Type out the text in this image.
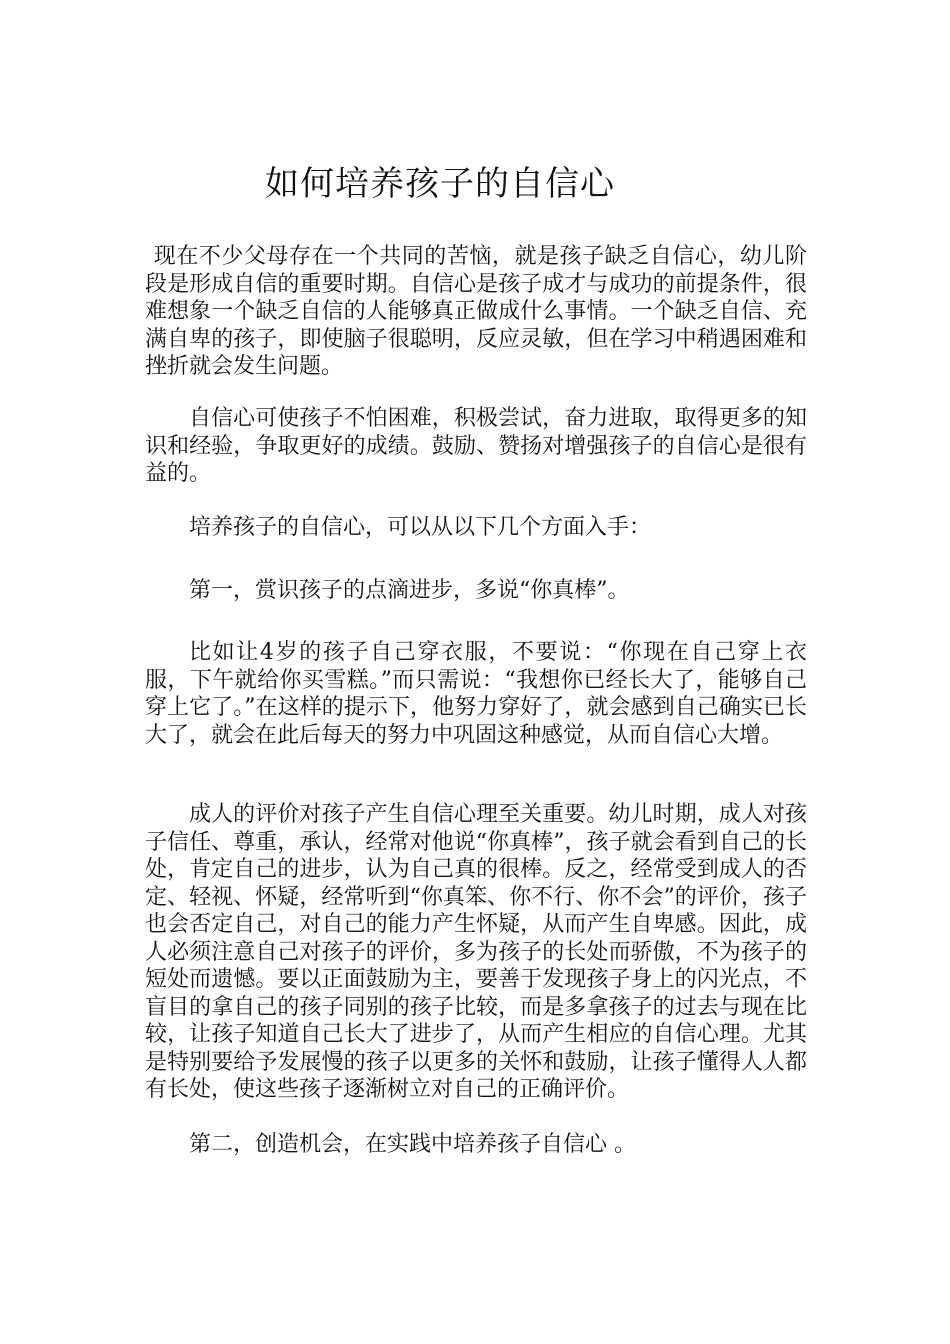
如何培养孩子的自信心

现在不少父母存在一个共同的苦恼，就是孩子缺乏自信心，幼儿阶段是形成自信的重要时期。自信心是孩子成才与成功的前提条件，很难想象一个缺乏自信的人能够真正做成什么事情。一个缺乏自信、充满自卑的孩子，即使脑子很聪明，反应灵敏，但在学习中稍遇困难和挫折就会发生问题。

自信心可使孩子不怕困难，积极尝试，奋力进取，取得更多的知识和经验，争取更好的成绩。鼓励、赞扬对增强孩子的自信心是很有益的。

培养孩子的自信心，可以从以下几个方面入手：

第一，赏识孩子的点滴进步，多说“你真棒”。

比如让4岁的孩子自己穿衣服，不要说：“你现在自己穿上衣服，下午就给你买雪糕。”而只需说：“我想你已经长大了，能够自己穿上它了。”在这样的提示下，他努力穿好了，就会感到自己确实已长大了，就会在此后每天的努力中巩固这种感觉，从而自信心大增。

成人的评价对孩子产生自信心理至关重要。幼儿时期，成人对孩子信任、尊重，承认，经常对他说“你真棒”，孩子就会看到自己的长处，肯定自己的进步，认为自己真的很棒。反之，经常受到成人的否定、轻视、怀疑，经常听到“你真笨、你不行、你不会”的评价，孩子也会否定自己，对自己的能力产生怀疑，从而产生自卑感。因此，成人必须注意自己对孩子的评价，多为孩子的长处而骄傲，不为孩子的短处而遗憾。要以正面鼓励为主，要善于发现孩子身上的闪光点，不盲目的拿自己的孩子同别的孩子比较，而是多拿孩子的过去与现在比较，让孩子知道自己长大了进步了，从而产生相应的自信心理。尤其是特别要给予发展慢的孩子以更多的关怀和鼓励，让孩子懂得人人都有长处，使这些孩子逐渐树立对自己的正确评价。

第二，创造机会，在实践中培养孩子自信心 。
